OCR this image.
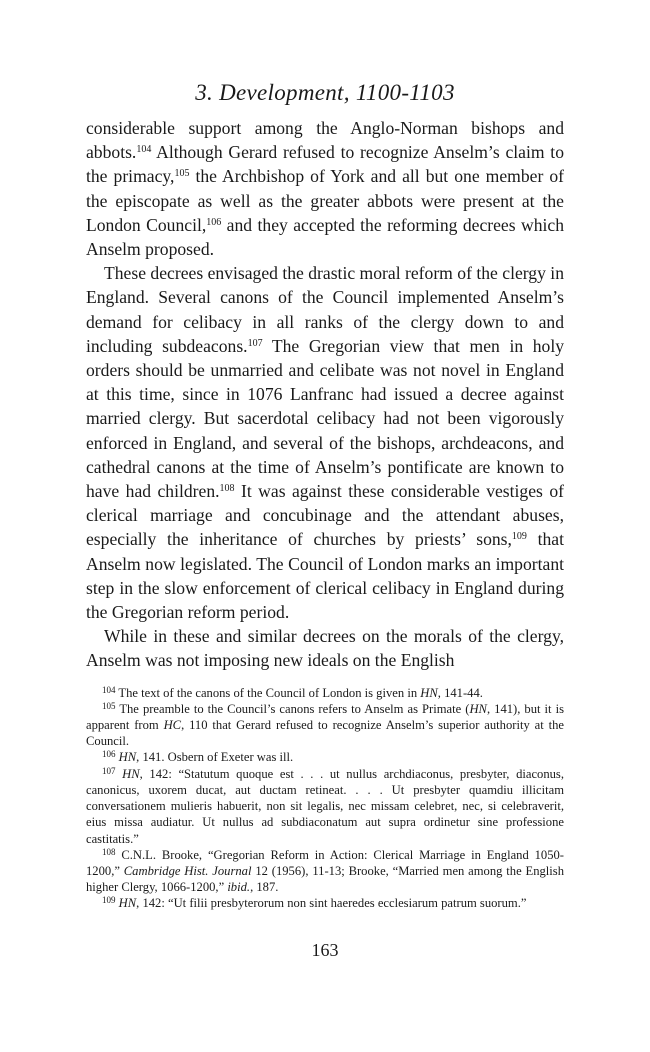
3. Development, 1100-1103

considerable support among the Anglo-Norman bishops and abbots.$^{104}$ Although Gerard refused to recognize Anselm’s claim to the primacy,$^{105}$ the Archbishop of York and all but one member of the episcopate as well as the greater abbots were present at the London Council,$^{106}$ and they accepted the reforming decrees which Anselm proposed.

These decrees envisaged the drastic moral reform of the clergy in England. Several canons of the Council implemented Anselm’s demand for celibacy in all ranks of the clergy down to and including subdeacons.$^{107}$ The Gregorian view that men in holy orders should be unmarried and celibate was not novel in England at this time, since in 1076 Lanfranc had issued a decree against married clergy. But sacerdotal celibacy had not been vigorously enforced in England, and several of the bishops, archdeacons, and cathedral canons at the time of Anselm’s pontificate are known to have had children.$^{108}$ It was against these considerable vestiges of clerical marriage and concubinage and the attendant abuses, especially the inheritance of churches by priests’ sons,$^{109}$ that Anselm now legislated. The Council of London marks an important step in the slow enforcement of clerical celibacy in England during the Gregorian reform period.

While in these and similar decrees on the morals of the clergy, Anselm was not imposing new ideals on the English

$^{104}$ The text of the canons of the Council of London is given in HN, 141-44.

$^{105}$ The preamble to the Council’s canons refers to Anselm as Primate (HN, 141), but it is apparent from HC, 110 that Gerard refused to recognize Anselm’s superior authority at the Council.

$^{106}$ HN, 141. Osbern of Exeter was ill.

$^{107}$ HN, 142: “Statutum quoque est . . . ut nullus archdiaconus, presbyter, diaconus, canonicus, uxorem ducat, aut ductam retineat. . . . Ut presbyter quamdiu illicitam conversationem mulieris habuerit, non sit legalis, nec missam celebret, nec, si celebraverit, eius missa audiatur. Ut nullus ad subdiaconatum aut supra ordinetur sine professione castitatis.”

$^{108}$ C.N.L. Brooke, “Gregorian Reform in Action: Clerical Marriage in England 1050-1200,” Cambridge Hist. Journal 12 (1956), 11-13; Brooke, “Married men among the English higher Clergy, 1066-1200,” ibid., 187.

$^{109}$ HN, 142: “Ut filii presbyterorum non sint haeredes ecclesiarum patrum suorum.”

163
